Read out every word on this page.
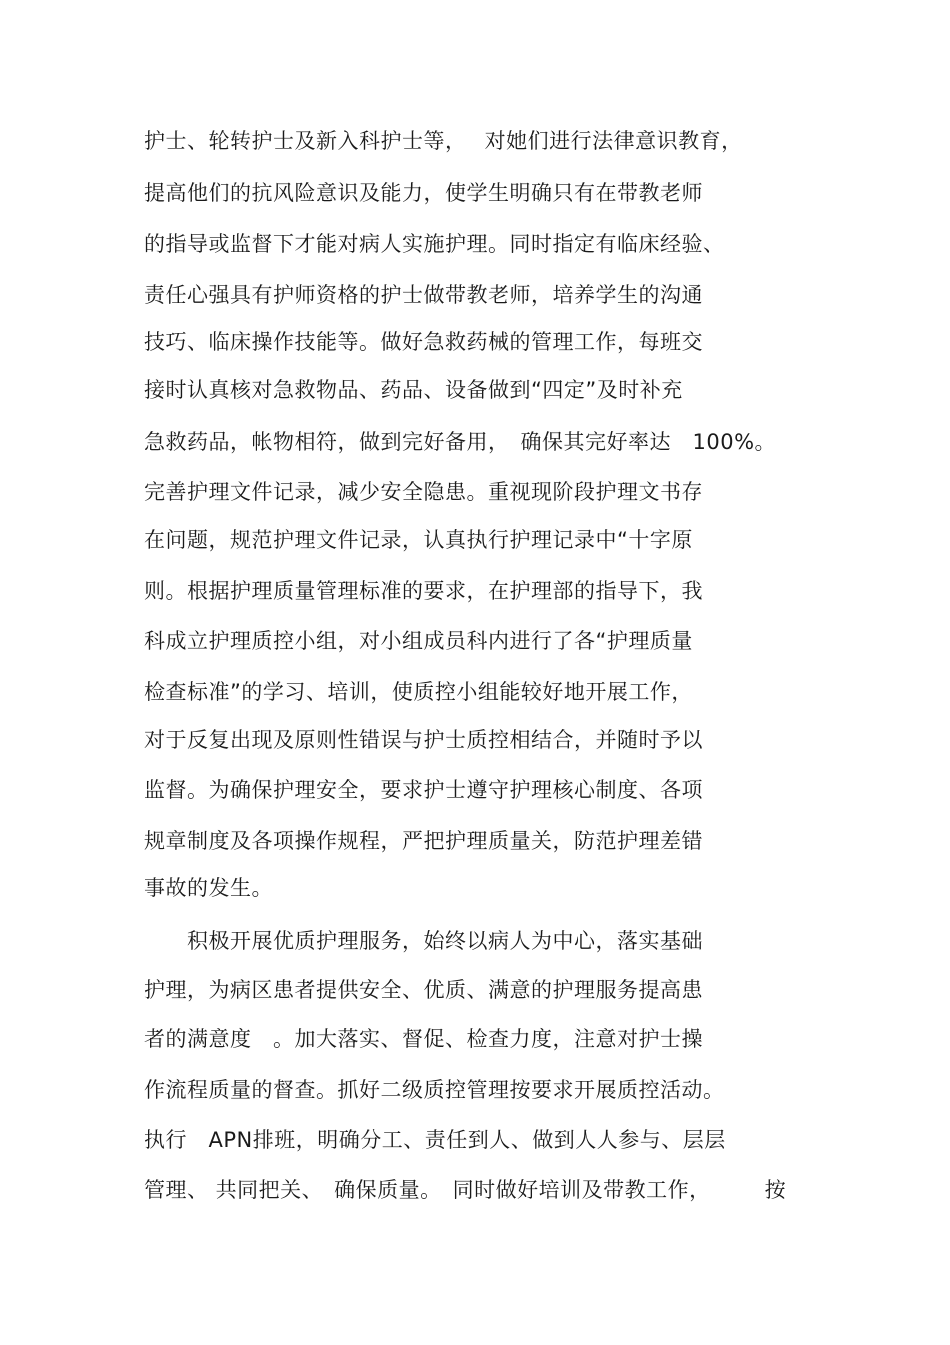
护士、轮转护士及新入科护士等，　 对她们进行法律意识教育，
提高他们的抗风险意识及能力，使学生明确只有在带教老师
的指导或监督下才能对病人实施护理。同时指定有临床经验、
责任心强具有护师资格的护士做带教老师，培养学生的沟通
技巧、临床操作技能等。做好急救药械的管理工作，每班交
接时认真核对急救物品、药品、设备做到“四定”及时补充
急救药品，帐物相符，做到完好备用，　确保其完好率达　100%。
完善护理文件记录，减少安全隐患。重视现阶段护理文书存
在问题，规范护理文件记录，认真执行护理记录中“十字原
则。根据护理质量管理标准的要求，在护理部的指导下，我
科成立护理质控小组，对小组成员科内进行了各“护理质量
检查标准”的学习、培训，使质控小组能较好地开展工作，
对于反复出现及原则性错误与护士质控相结合，并随时予以
监督。为确保护理安全，要求护士遵守护理核心制度、各项
规章制度及各项操作规程，严把护理质量关，防范护理差错
事故的发生。
　　积极开展优质护理服务，始终以病人为中心，落实基础
护理，为病区患者提供安全、优质、满意的护理服务提高患
者的满意度　。加大落实、督促、检查力度，注意对护士操
作流程质量的督查。抓好二级质控管理按要求开展质控活动。
执行　APN排班，明确分工、责任到人、做到人人参与、层层
管理、 共同把关、　确保质量。　同时做好培训及带教工作，　　　按
